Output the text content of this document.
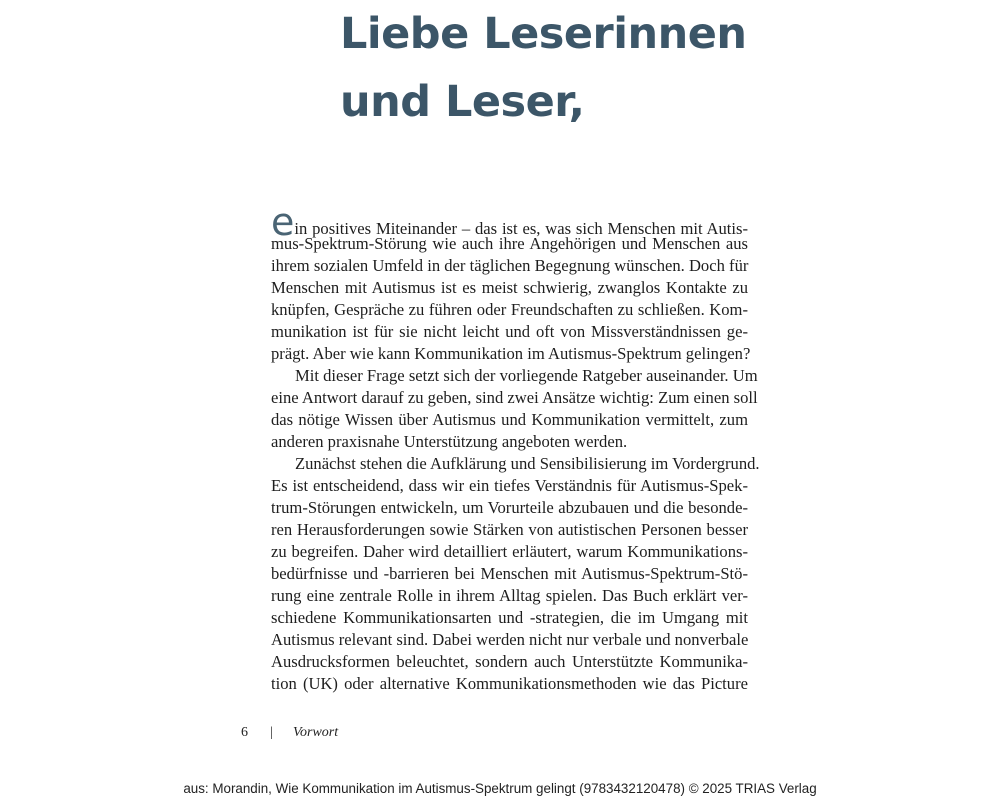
Liebe Leserinnen
und Leser,
ein positives Miteinander – das ist es, was sich Menschen mit Autis-
mus-Spektrum-Störung wie auch ihre Angehörigen und Menschen aus
ihrem sozialen Umfeld in der täglichen Begegnung wünschen. Doch für
Menschen mit Autismus ist es meist schwierig, zwanglos Kontakte zu
knüpfen, Gespräche zu führen oder Freundschaften zu schließen. Kom-
munikation ist für sie nicht leicht und oft von Missverständnissen ge-
prägt. Aber wie kann Kommunikation im Autismus-Spektrum gelingen?
Mit dieser Frage setzt sich der vorliegende Ratgeber auseinander. Um
eine Antwort darauf zu geben, sind zwei Ansätze wichtig: Zum einen soll
das nötige Wissen über Autismus und Kommunikation vermittelt, zum
anderen praxisnahe Unterstützung angeboten werden.
Zunächst stehen die Aufklärung und Sensibilisierung im Vordergrund.
Es ist entscheidend, dass wir ein tiefes Verständnis für Autismus-Spek-
trum-Störungen entwickeln, um Vorurteile abzubauen und die besonde-
ren Herausforderungen sowie Stärken von autistischen Personen besser
zu begreifen. Daher wird detailliert erläutert, warum Kommunikations-
bedürfnisse und -barrieren bei Menschen mit Autismus-Spektrum-Stö-
rung eine zentrale Rolle in ihrem Alltag spielen. Das Buch erklärt ver-
schiedene Kommunikationsarten und -strategien, die im Umgang mit
Autismus relevant sind. Dabei werden nicht nur verbale und nonverbale
Ausdrucksformen beleuchtet, sondern auch Unterstützte Kommunika-
tion (UK) oder alternative Kommunikationsmethoden wie das Picture
6 | Vorwort
aus: Morandin, Wie Kommunikation im Autismus-Spektrum gelingt (9783432120478) © 2025 TRIAS Verlag
